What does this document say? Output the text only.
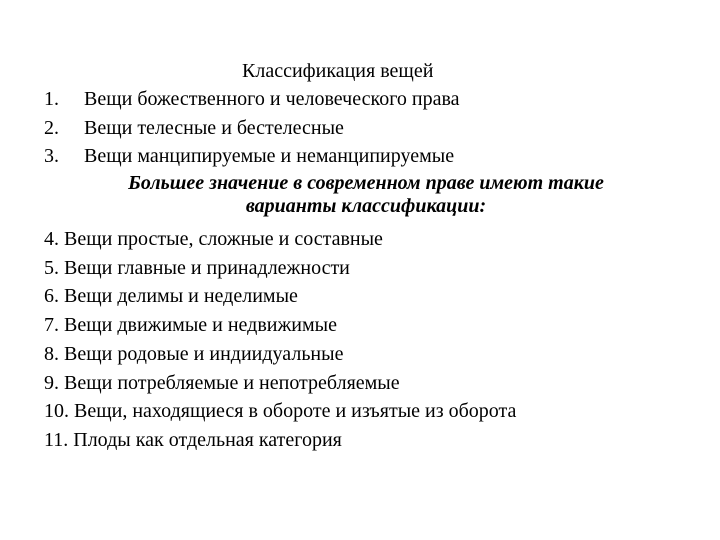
Классификация вещей
1. Вещи божественного и человеческого права
2. Вещи телесные и бестелесные
3. Вещи манципируемые и неманципируемые
Большее значение в современном праве имеют такие варианты классификации:
4. Вещи простые, сложные и составные
5. Вещи главные и принадлежности
6. Вещи делимы и неделимые
7. Вещи движимые и недвижимые
8. Вещи родовые и индиидуальные
9. Вещи потребляемые и непотребляемые
10. Вещи, находящиеся в обороте и изъятые из оборота
11. Плоды как отдельная категория
